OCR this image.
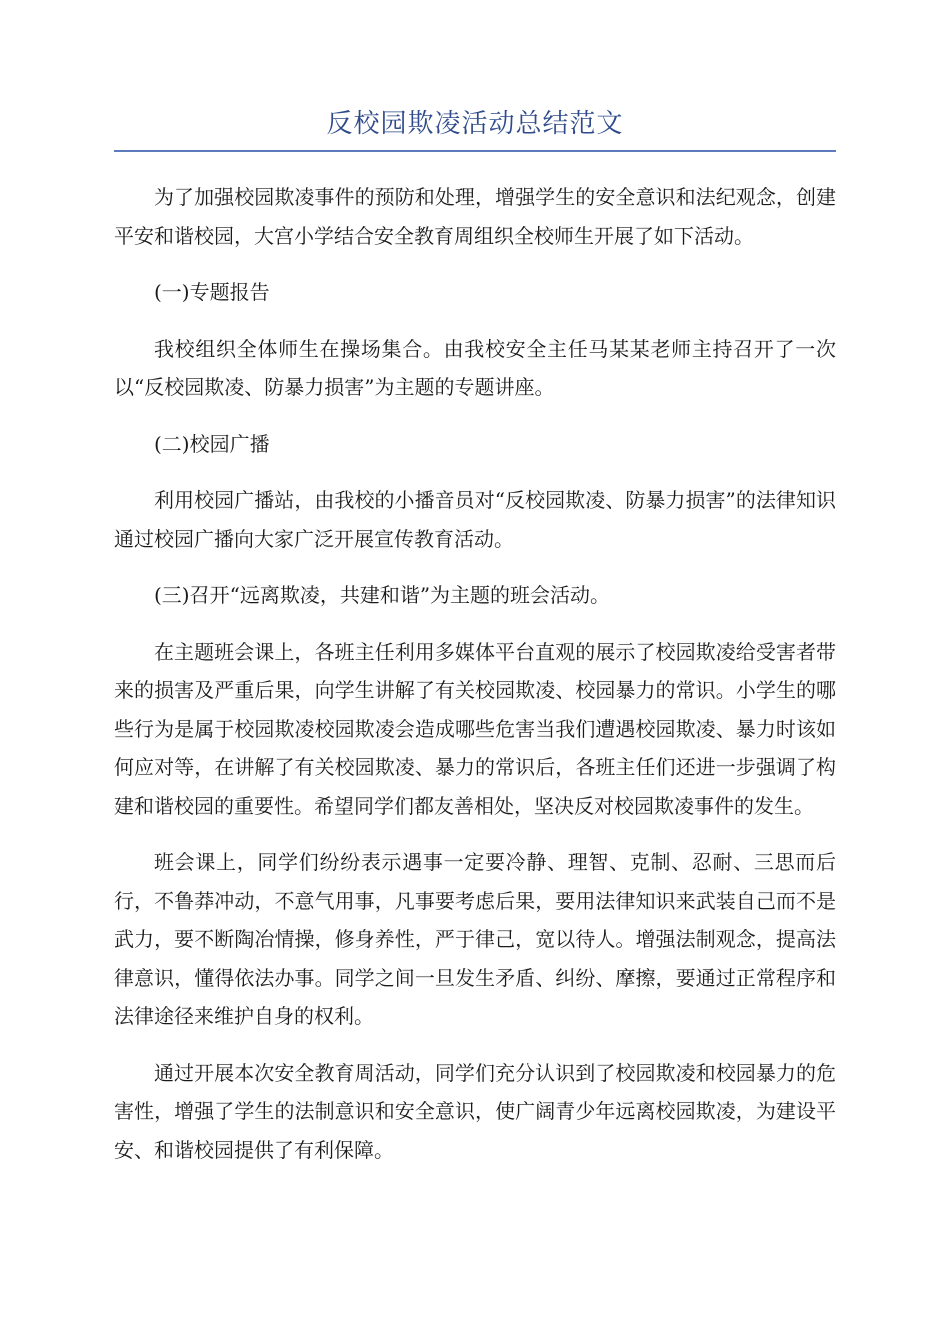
反校园欺凌活动总结范文

为了加强校园欺凌事件的预防和处理，增强学生的安全意识和法纪观念，创建平安和谐校园，大宫小学结合安全教育周组织全校师生开展了如下活动。

(一)专题报告

我校组织全体师生在操场集合。由我校安全主任马某某老师主持召开了一次以“反校园欺凌、防暴力损害”为主题的专题讲座。

(二)校园广播

利用校园广播站，由我校的小播音员对“反校园欺凌、防暴力损害”的法律知识通过校园广播向大家广泛开展宣传教育活动。

(三)召开“远离欺凌，共建和谐”为主题的班会活动。

在主题班会课上，各班主任利用多媒体平台直观的展示了校园欺凌给受害者带来的损害及严重后果，向学生讲解了有关校园欺凌、校园暴力的常识。小学生的哪些行为是属于校园欺凌校园欺凌会造成哪些危害当我们遭遇校园欺凌、暴力时该如何应对等，在讲解了有关校园欺凌、暴力的常识后，各班主任们还进一步强调了构建和谐校园的重要性。希望同学们都友善相处，坚决反对校园欺凌事件的发生。

班会课上，同学们纷纷表示遇事一定要冷静、理智、克制、忍耐、三思而后行，不鲁莽冲动，不意气用事，凡事要考虑后果，要用法律知识来武装自己而不是武力，要不断陶冶情操，修身养性，严于律己，宽以待人。增强法制观念，提高法律意识，懂得依法办事。同学之间一旦发生矛盾、纠纷、摩擦，要通过正常程序和法律途径来维护自身的权利。

通过开展本次安全教育周活动，同学们充分认识到了校园欺凌和校园暴力的危害性，增强了学生的法制意识和安全意识，使广阔青少年远离校园欺凌，为建设平安、和谐校园提供了有利保障。
